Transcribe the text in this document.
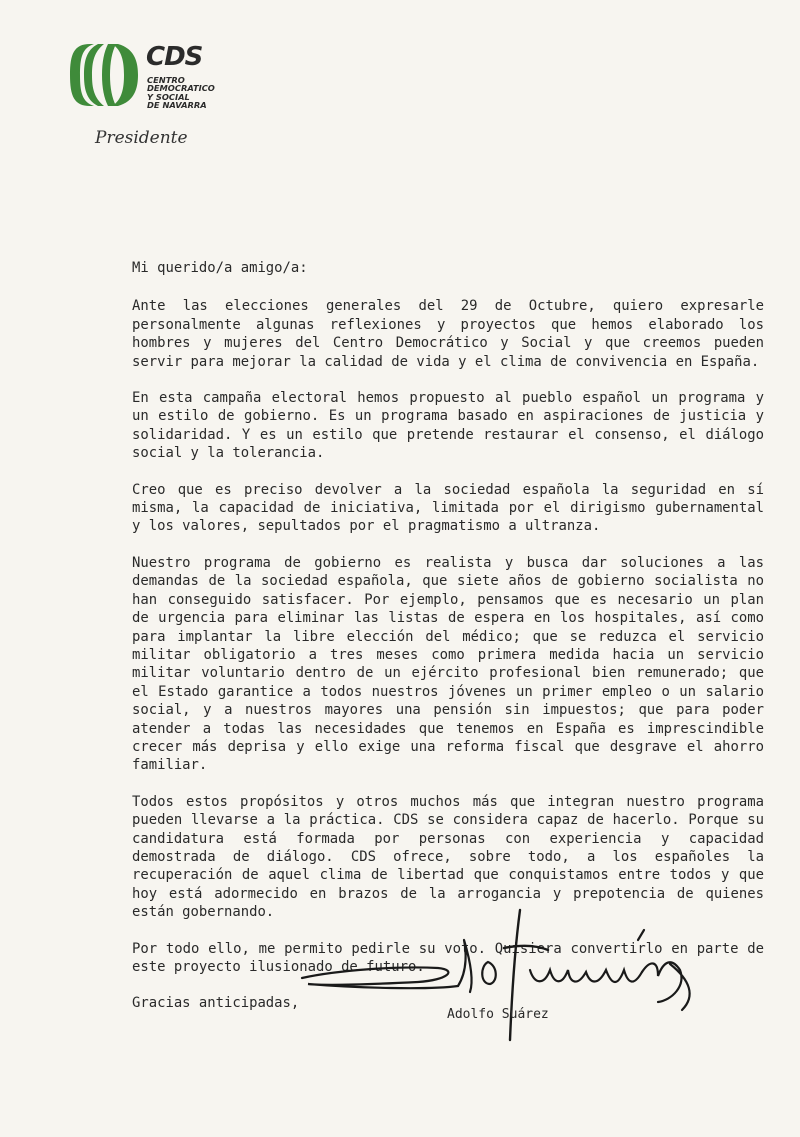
CDS
CENTRO
DEMOCRATICO
Y SOCIAL
DE NAVARRA
Presidente

Mi querido/a amigo/a:

Ante las elecciones generales del 29 de Octubre, quiero expresarle personalmente algunas reflexiones y proyectos que hemos elaborado los hombres y mujeres del Centro Democrático y Social y que creemos pueden servir para mejorar la calidad de vida y el clima de convivencia en España.

En esta campaña electoral hemos propuesto al pueblo español un programa y un estilo de gobierno. Es un programa basado en aspiraciones de justicia y solidaridad. Y es un estilo que pretende restaurar el consenso, el diálogo social y la tolerancia.

Creo que es preciso devolver a la sociedad española la seguridad en sí misma, la capacidad de iniciativa, limitada por el dirigismo gubernamental y los valores, sepultados por el pragmatismo a ultranza.

Nuestro programa de gobierno es realista y busca dar soluciones a las demandas de la sociedad española, que siete años de gobierno socialista no han conseguido satisfacer. Por ejemplo, pensamos que es necesario un plan de urgencia para eliminar las listas de espera en los hospitales, así como para implantar la libre elección del médico; que se reduzca el servicio militar obligatorio a tres meses como primera medida hacia un servicio militar voluntario dentro de un ejército profesional bien remunerado; que el Estado garantice a todos nuestros jóvenes un primer empleo o un salario social, y a nuestros mayores una pensión sin impuestos; que para poder atender a todas las necesidades que tenemos en España es imprescindible crecer más deprisa y ello exige una reforma fiscal que desgrave el ahorro familiar.

Todos estos propósitos y otros muchos más que integran nuestro programa pueden llevarse a la práctica. CDS se considera capaz de hacerlo. Porque su candidatura está formada por personas con experiencia y capacidad demostrada de diálogo. CDS ofrece, sobre todo, a los españoles la recuperación de aquel clima de libertad que conquistamos entre todos y que hoy está adormecido en brazos de la arrogancia y prepotencia de quienes están gobernando.

Por todo ello, me permito pedirle su voto. Quisiera convertirlo en parte de este proyecto ilusionado de futuro.

Gracias anticipadas,

Adolfo Suárez
